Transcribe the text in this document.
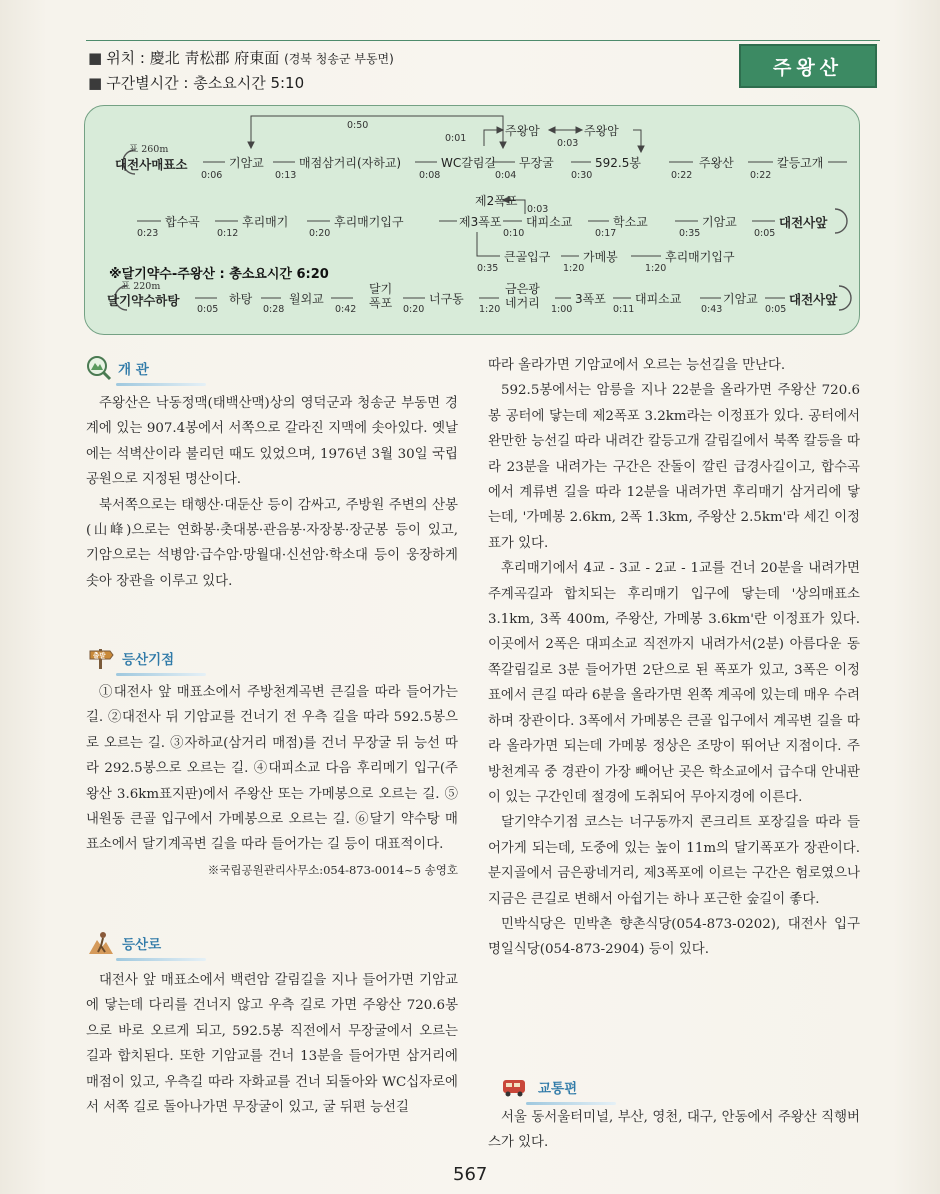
■ 위치 : 慶北 靑松郡 府東面 (경북 청송군 부동면)
■ 구간별시간 : 총소요시간 5:10
주왕산
0:50
표 260m
대전사매표소	기암교	매점삼거리(자하교)	WC갈림길 무장굴	592.5봉	주왕산	칼등고개
0:06	0:13	0:08	0:04	0:30	0:22	0:22
0:01
주왕암	주왕암
0:03
제2폭포
0:03
합수곡	후리매기	후리매기입구	제3폭포 대피소교	학소교	기암교	대전사앞
0:23	0:12	0:20	0:10	0:17	0:35	0:05
큰골입구	가메봉	후리매기입구
0:35	1:20	1:20
※달기약수-주왕산 : 총소요시간 6:20
표 220m
달기약수하탕	하탕	월외교
달기
폭포	너구동
금은광
네거리	3폭포 대피소교	기암교 대전사앞
0:05	0:28	0:42	0:20	1:20	1:00	0:11	0:43	0:05
개 관

주왕산은 낙동정맥(태백산맥)상의 영덕군과 청송군 부동면 경계에 있는 907.4봉에서 서쪽으로 갈라진 지맥에 솟아있다. 옛날에는 석벽산이라 불리던 때도 있었으며, 1976년 3월 30일 국립공원으로 지정된 명산이다.

북서쪽으로는 태행산·대둔산 등이 감싸고, 주방원 주변의 산봉(山峰)으로는 연화봉·촛대봉·관음봉·자장봉·장군봉 등이 있고, 기암으로는 석병암·급수암·망월대·신선암·학소대 등이 웅장하게 솟아 장관을 이루고 있다.

출발 등산기점

①대전사 앞 매표소에서 주방천계곡변 큰길을 따라 들어가는 길. ②대전사 뒤 기암교를 건너기 전 우측 길을 따라 592.5봉으로 오르는 길. ③자하교(삼거리 매점)를 건너 무장굴 뒤 능선 따라 292.5봉으로 오르는 길. ④대피소교 다음 후리메기 입구(주왕산 3.6km표지판)에서 주왕산 또는 가메봉으로 오르는 길. ⑤ 내원동 큰골 입구에서 가메봉으로 오르는 길. ⑥달기 약수탕 매표소에서 달기계곡변 길을 따라 들어가는 길 등이 대표적이다.

※국립공원관리사무소:054-873-0014~5 송영호

등산로

대전사 앞 매표소에서 백련암 갈림길을 지나 들어가면 기암교에 닿는데 다리를 건너지 않고 우측 길로 가면 주왕산 720.6봉으로 바로 오르게 되고, 592.5봉 직전에서 무장굴에서 오르는 길과 합치된다. 또한 기암교를 건너 13분을 들어가면 삼거리에 매점이 있고, 우측길 따라 자화교를 건너 되돌아와 WC십자로에서 서쪽 길로 돌아나가면 무장굴이 있고, 굴 뒤편 능선길

따라 올라가면 기암교에서 오르는 능선길을 만난다.

592.5봉에서는 암릉을 지나 22분을 올라가면 주왕산 720.6봉 공터에 닿는데 제2폭포 3.2km라는 이정표가 있다. 공터에서 완만한 능선길 따라 내려간 칼등고개 갈림길에서 북쪽 칼등을 따라 23분을 내려가는 구간은 잔돌이 깔린 급경사길이고, 합수곡에서 계류변 길을 따라 12분을 내려가면 후리매기 삼거리에 닿는데, '가메봉 2.6km, 2폭 1.3km, 주왕산 2.5km'라 세긴 이정표가 있다.

후리매기에서 4교 - 3교 - 2교 - 1교를 건너 20분을 내려가면 주계곡길과 합치되는 후리매기 입구에 닿는데 '상의매표소 3.1km, 3폭 400m, 주왕산, 가메봉 3.6km'란 이정표가 있다. 이곳에서 2폭은 대피소교 직전까지 내려가서(2분) 아름다운 동쪽갈림길로 3분 들어가면 2단으로 된 폭포가 있고, 3폭은 이정표에서 큰길 따라 6분을 올라가면 왼쪽 계곡에 있는데 매우 수려하며 장관이다. 3폭에서 가메봉은 큰골 입구에서 계곡변 길을 따라 올라가면 되는데 가메봉 정상은 조망이 뛰어난 지점이다. 주방천계곡 중 경관이 가장 빼어난 곳은 학소교에서 급수대 안내판이 있는 구간인데 절경에 도취되어 무아지경에 이른다.

달기약수기점 코스는 너구동까지 콘크리트 포장길을 따라 들어가게 되는데, 도중에 있는 높이 11m의 달기폭포가 장관이다. 분지골에서 금은광네거리, 제3폭포에 이르는 구간은 험로였으나 지금은 큰길로 변해서 아쉽기는 하나 포근한 숲길이 좋다.

민박식당은 민박촌 향촌식당(054-873-0202), 대전사 입구 명일식당(054-873-2904) 등이 있다.

교통편

서울 동서울터미널, 부산, 영천, 대구, 안동에서 주왕산 직행버스가 있다.

567
